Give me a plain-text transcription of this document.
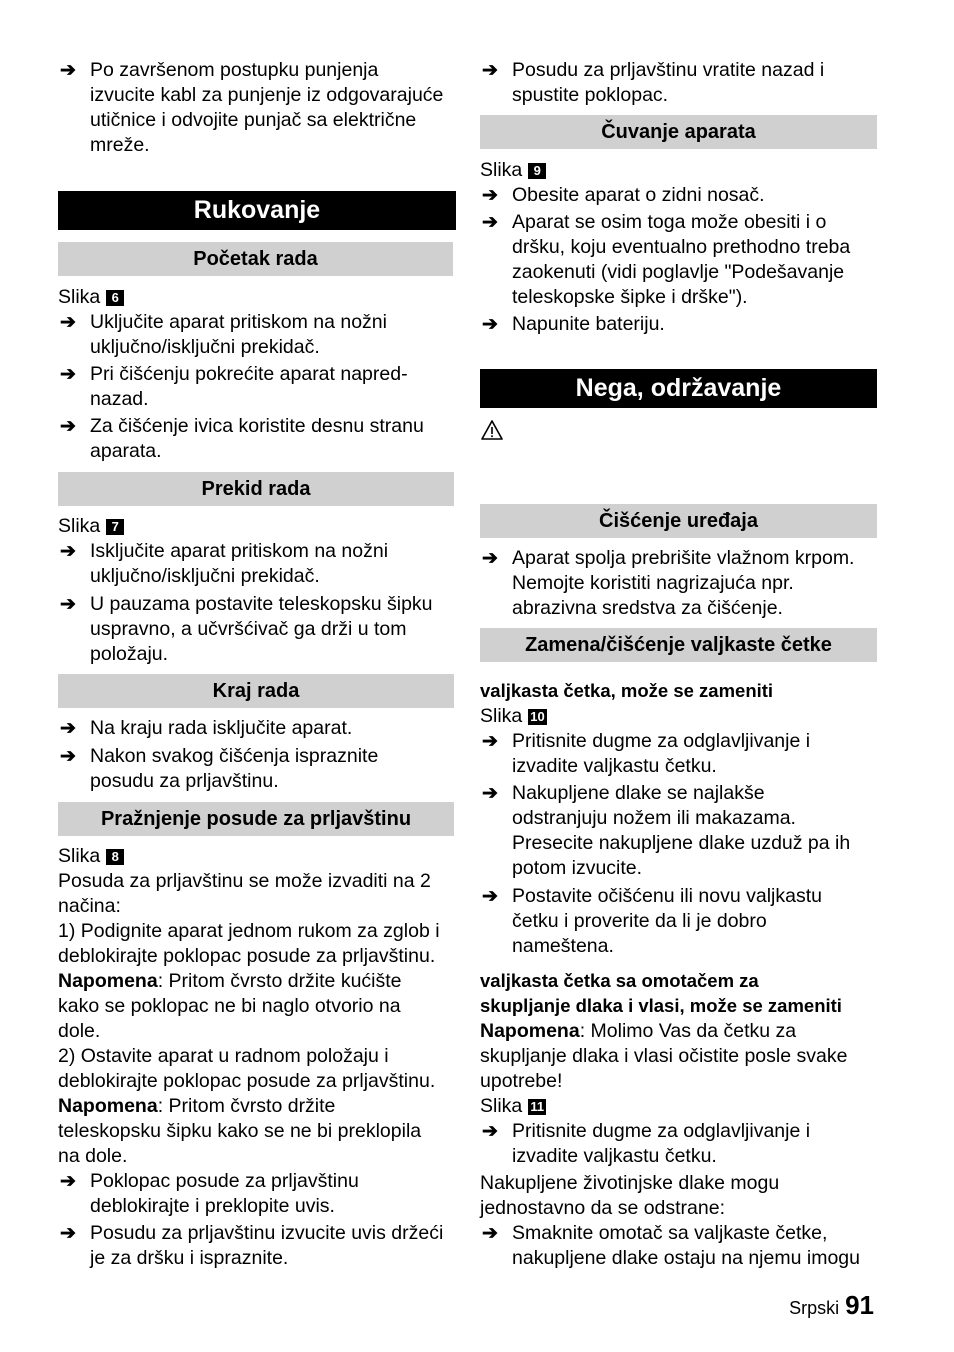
➔ Po završenom postupku punjenja
izvucite kabl za punjenje iz odgovarajuće
utičnice i odvojite punjač sa električne
mreže.
Rukovanje
Početak rada
Slika 6
➔ Uključite aparat pritiskom na nožni
uključno/isključni prekidač.
➔ Pri čišćenju pokrećite aparat napred-
nazad.
➔ Za čišćenje ivica koristite desnu stranu
aparata.
Prekid rada
Slika 7
➔ Isključite aparat pritiskom na nožni
uključno/isključni prekidač.
➔ U pauzama postavite teleskopsku šipku
uspravno, a učvršćivač ga drži u tom
položaju.
Kraj rada
➔ Na kraju rada isključite aparat.
➔ Nakon svakog čišćenja ispraznite
posudu za prljavštinu.
Pražnjenje posude za prljavštinu
Slika 8
Posuda za prljavštinu se može izvaditi na 2
načina:
1) Podignite aparat jednom rukom za zglob i
deblokirajte poklopac posude za prljavštinu.
Napomena: Pritom čvrsto držite kućište
kako se poklopac ne bi naglo otvorio na
dole.
2) Ostavite aparat u radnom položaju i
deblokirajte poklopac posude za prljavštinu.
Napomena: Pritom čvrsto držite
teleskopsku šipku kako se ne bi preklopila
na dole.
➔ Poklopac posude za prljavštinu
deblokirajte i preklopite uvis.
➔ Posudu za prljavštinu izvucite uvis držeći
je za dršku i ispraznite.
➔ Posudu za prljavštinu vratite nazad i
spustite poklopac.
Čuvanje aparata
Slika 9
➔ Obesite aparat o zidni nosač.
➔ Aparat se osim toga može obesiti i o
dršku, koju eventualno prethodno treba
zaokenuti (vidi poglavlje "Podešavanje
teleskopske šipke i drške").
➔ Napunite bateriju.
Nega, održavanje
Čišćenje uređaja
➔ Aparat spolja prebrišite vlažnom krpom.
Nemojte koristiti nagrizajuća npr.
abrazivna sredstva za čišćenje.
Zamena/čišćenje valjkaste četke
valjkasta četka, može se zameniti
Slika 10
➔ Pritisnite dugme za odglavljivanje i
izvadite valjkastu četku.
➔ Nakupljene dlake se najlakše
odstranjuju nožem ili makazama.
Presecite nakupljene dlake uzduž pa ih
potom izvucite.
➔ Postavite očišćenu ili novu valjkastu
četku i proverite da li je dobro
nameštena.
valjkasta četka sa omotačem za
skupljanje dlaka i vlasi, može se zameniti
Napomena: Molimo Vas da četku za
skupljanje dlaka i vlasi očistite posle svake
upotrebe!
Slika 11
➔ Pritisnite dugme za odglavljivanje i
izvadite valjkastu četku.
Nakupljene životinjske dlake mogu
jednostavno da se odstrane:
➔ Smaknite omotač sa valjkaste četke,
nakupljene dlake ostaju na njemu imogu
Srpski 91
